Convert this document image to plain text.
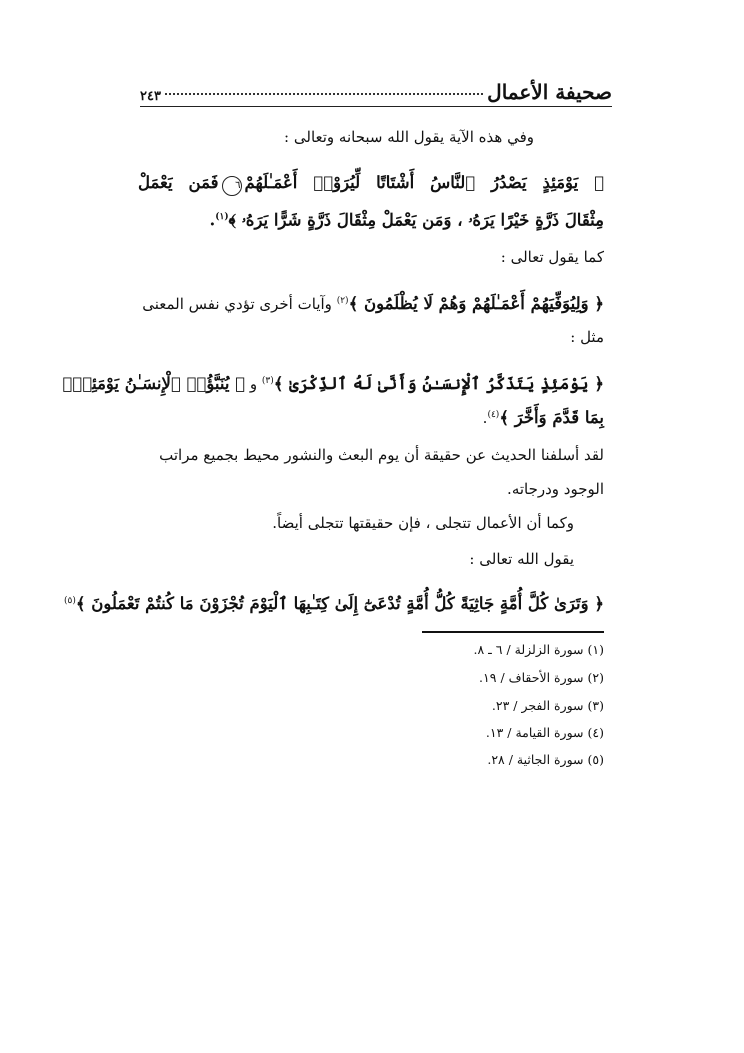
صحيفة الأعمال
٢٤٣
وفي هذه الآية يقول الله سبحانه وتعالى :
﴿ يَوْمَئِذٍ يَصْدُرُ ٱلنَّاسُ أَشْتَاتًا لِّيُرَوْا۟ أَعْمَـٰلَهُمْ٦فَمَن يَعْمَلْ
مِثْقَالَ ذَرَّةٍ خَيْرًا يَرَهُۥ ، وَمَن يَعْمَلْ مِثْقَالَ ذَرَّةٍ شَرًّا يَرَهُۥ ﴾$^{(١)}$.
كما يقول تعالى :
﴿ وَلِيُوَفِّيَهُمْ أَعْمَـٰلَهُمْ وَهُمْ لَا يُظْلَمُونَ ﴾$^{(٢)}$ وآيات أخرى تؤدي نفس المعنى
مثل :
﴿ يَوْمَئِذٍ يَتَذَكَّرُ ٱلْإِنسَـٰنُ وَأَنَّىٰ لَهُ ٱلذِّكْرَىٰ ﴾$^{(٣)}$ و ﴿ يُنَبَّؤُا۟ ٱلْإِنسَـٰنُ يَوْمَئِذٍۭ
بِمَا قَدَّمَ وَأَخَّرَ ﴾$^{(٤)}$.
لقد أسلفنا الحديث عن حقيقة أن يوم البعث والنشور محيط بجميع مراتب
الوجود ودرجاته.
وكما أن الأعمال تتجلى ، فإن حقيقتها تتجلى أيضاً.
يقول الله تعالى :
﴿ وَتَرَىٰ كُلَّ أُمَّةٍ جَاثِيَةً كُلُّ أُمَّةٍ تُدْعَىٰٓ إِلَىٰ كِتَـٰبِهَا ٱلْيَوْمَ تُجْزَوْنَ مَا كُنتُمْ تَعْمَلُونَ ﴾$^{(٥)}$
(١) سورة الزلزلة / ٦ ـ ٨.
(٢) سورة الأحقاف / ١٩.
(٣) سورة الفجر / ٢٣.
(٤) سورة القيامة / ١٣.
(٥) سورة الجاثية / ٢٨.
